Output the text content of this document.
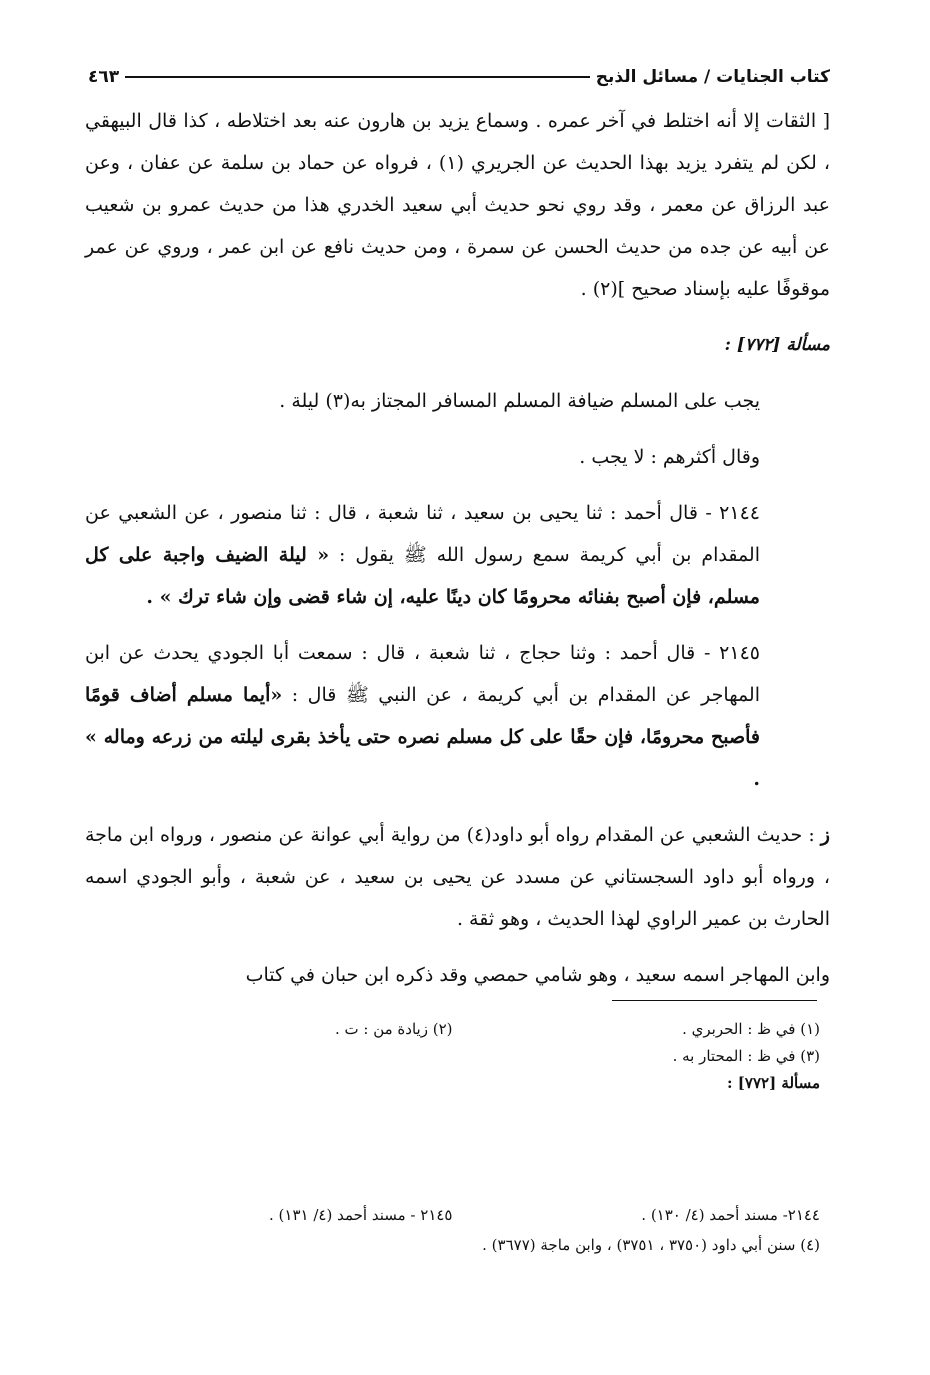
كتاب الجنايات / مسائل الذبح
٤٦٣

[ الثقات إلا أنه اختلط في آخر عمره . وسماع يزيد بن هارون عنه بعد اختلاطه ، كذا قال البيهقي ، لكن لم يتفرد يزيد بهذا الحديث عن الجريري (١) ، فرواه عن حماد بن سلمة عن عفان ، وعن عبد الرزاق عن معمر ، وقد روي نحو حديث أبي سعيد الخدري هذا من حديث عمرو بن شعيب عن أبيه عن جده من حديث الحسن عن سمرة ، ومن حديث نافع عن ابن عمر ، وروي عن عمر موقوفًا عليه بإسناد صحيح ](٢) .

مسألة [٧٧٢] :

يجب على المسلم ضيافة المسلم المسافر المجتاز به(٣) ليلة .

وقال أكثرهم : لا يجب .

٢١٤٤ - قال أحمد : ثنا يحيى بن سعيد ، ثنا شعبة ، قال : ثنا منصور ، عن الشعبي عن المقدام بن أبي كريمة سمع رسول الله ﷺ يقول : « ليلة الضيف واجبة على كل مسلم، فإن أصبح بفنائه محرومًا كان دينًا عليه، إن شاء قضى وإن شاء ترك » .

٢١٤٥ - قال أحمد : وثنا حجاج ، ثنا شعبة ، قال : سمعت أبا الجودي يحدث عن ابن المهاجر عن المقدام بن أبي كريمة ، عن النبي ﷺ قال : «أيما مسلم أضاف قومًا فأصبح محرومًا، فإن حقًا على كل مسلم نصره حتى يأخذ بقرى ليلته من زرعه وماله » .

ز : حديث الشعبي عن المقدام رواه أبو داود(٤) من رواية أبي عوانة عن منصور ، ورواه ابن ماجة ، ورواه أبو داود السجستاني عن مسدد عن يحيى بن سعيد ، عن شعبة ، وأبو الجودي اسمه الحارث بن عمير الراوي لهذا الحديث ، وهو ثقة .

وابن المهاجر اسمه سعيد ، وهو شامي حمصي وقد ذكره ابن حبان في كتاب

(١) في ظ : الحربري .
(٢) زيادة من : ت .
(٣) في ظ : المحتار به .
مسألة [٧٧٢] :
٢١٤٤- مسند أحمد (٤/ ١٣٠) .
٢١٤٥ - مسند أحمد (٤/ ١٣١) .
(٤) سنن أبي داود (٣٧٥٠ ، ٣٧٥١) ، وابن ماجة (٣٦٧٧) .
